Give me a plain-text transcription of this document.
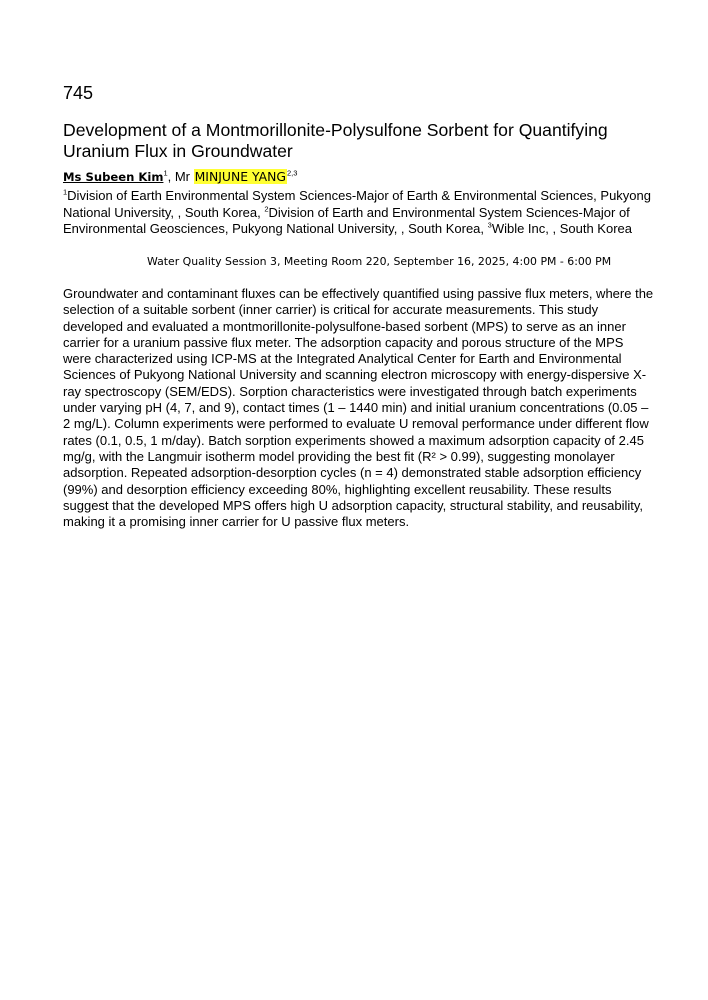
745
Development of a Montmorillonite-Polysulfone Sorbent for Quantifying Uranium Flux in Groundwater
Ms Subeen Kim$^1$, Mr MINJUNE YANG$^{2,3}$
$^1$Division of Earth Environmental System Sciences-Major of Earth & Environmental Sciences, Pukyong National University, , South Korea, $^2$Division of Earth and Environmental System Sciences-Major of Environmental Geosciences, Pukyong National University, , South Korea, $^3$Wible Inc, , South Korea
Water Quality Session 3, Meeting Room 220, September 16, 2025, 4:00 PM - 6:00 PM
Groundwater and contaminant fluxes can be effectively quantified using passive flux meters, where the selection of a suitable sorbent (inner carrier) is critical for accurate measurements. This study developed and evaluated a montmorillonite-polysulfone-based sorbent (MPS) to serve as an inner carrier for a uranium passive flux meter. The adsorption capacity and porous structure of the MPS were characterized using ICP-MS at the Integrated Analytical Center for Earth and Environmental Sciences of Pukyong National University and scanning electron microscopy with energy-dispersive X-ray spectroscopy (SEM/EDS). Sorption characteristics were investigated through batch experiments under varying pH (4, 7, and 9), contact times (1 – 1440 min) and initial uranium concentrations (0.05 – 2 mg/L). Column experiments were performed to evaluate U removal performance under different flow rates (0.1, 0.5, 1 m/day). Batch sorption experiments showed a maximum adsorption capacity of 2.45 mg/g, with the Langmuir isotherm model providing the best fit (R² > 0.99), suggesting monolayer adsorption. Repeated adsorption-desorption cycles (n = 4) demonstrated stable adsorption efficiency (99%) and desorption efficiency exceeding 80%, highlighting excellent reusability. These results suggest that the developed MPS offers high U adsorption capacity, structural stability, and reusability, making it a promising inner carrier for U passive flux meters.
